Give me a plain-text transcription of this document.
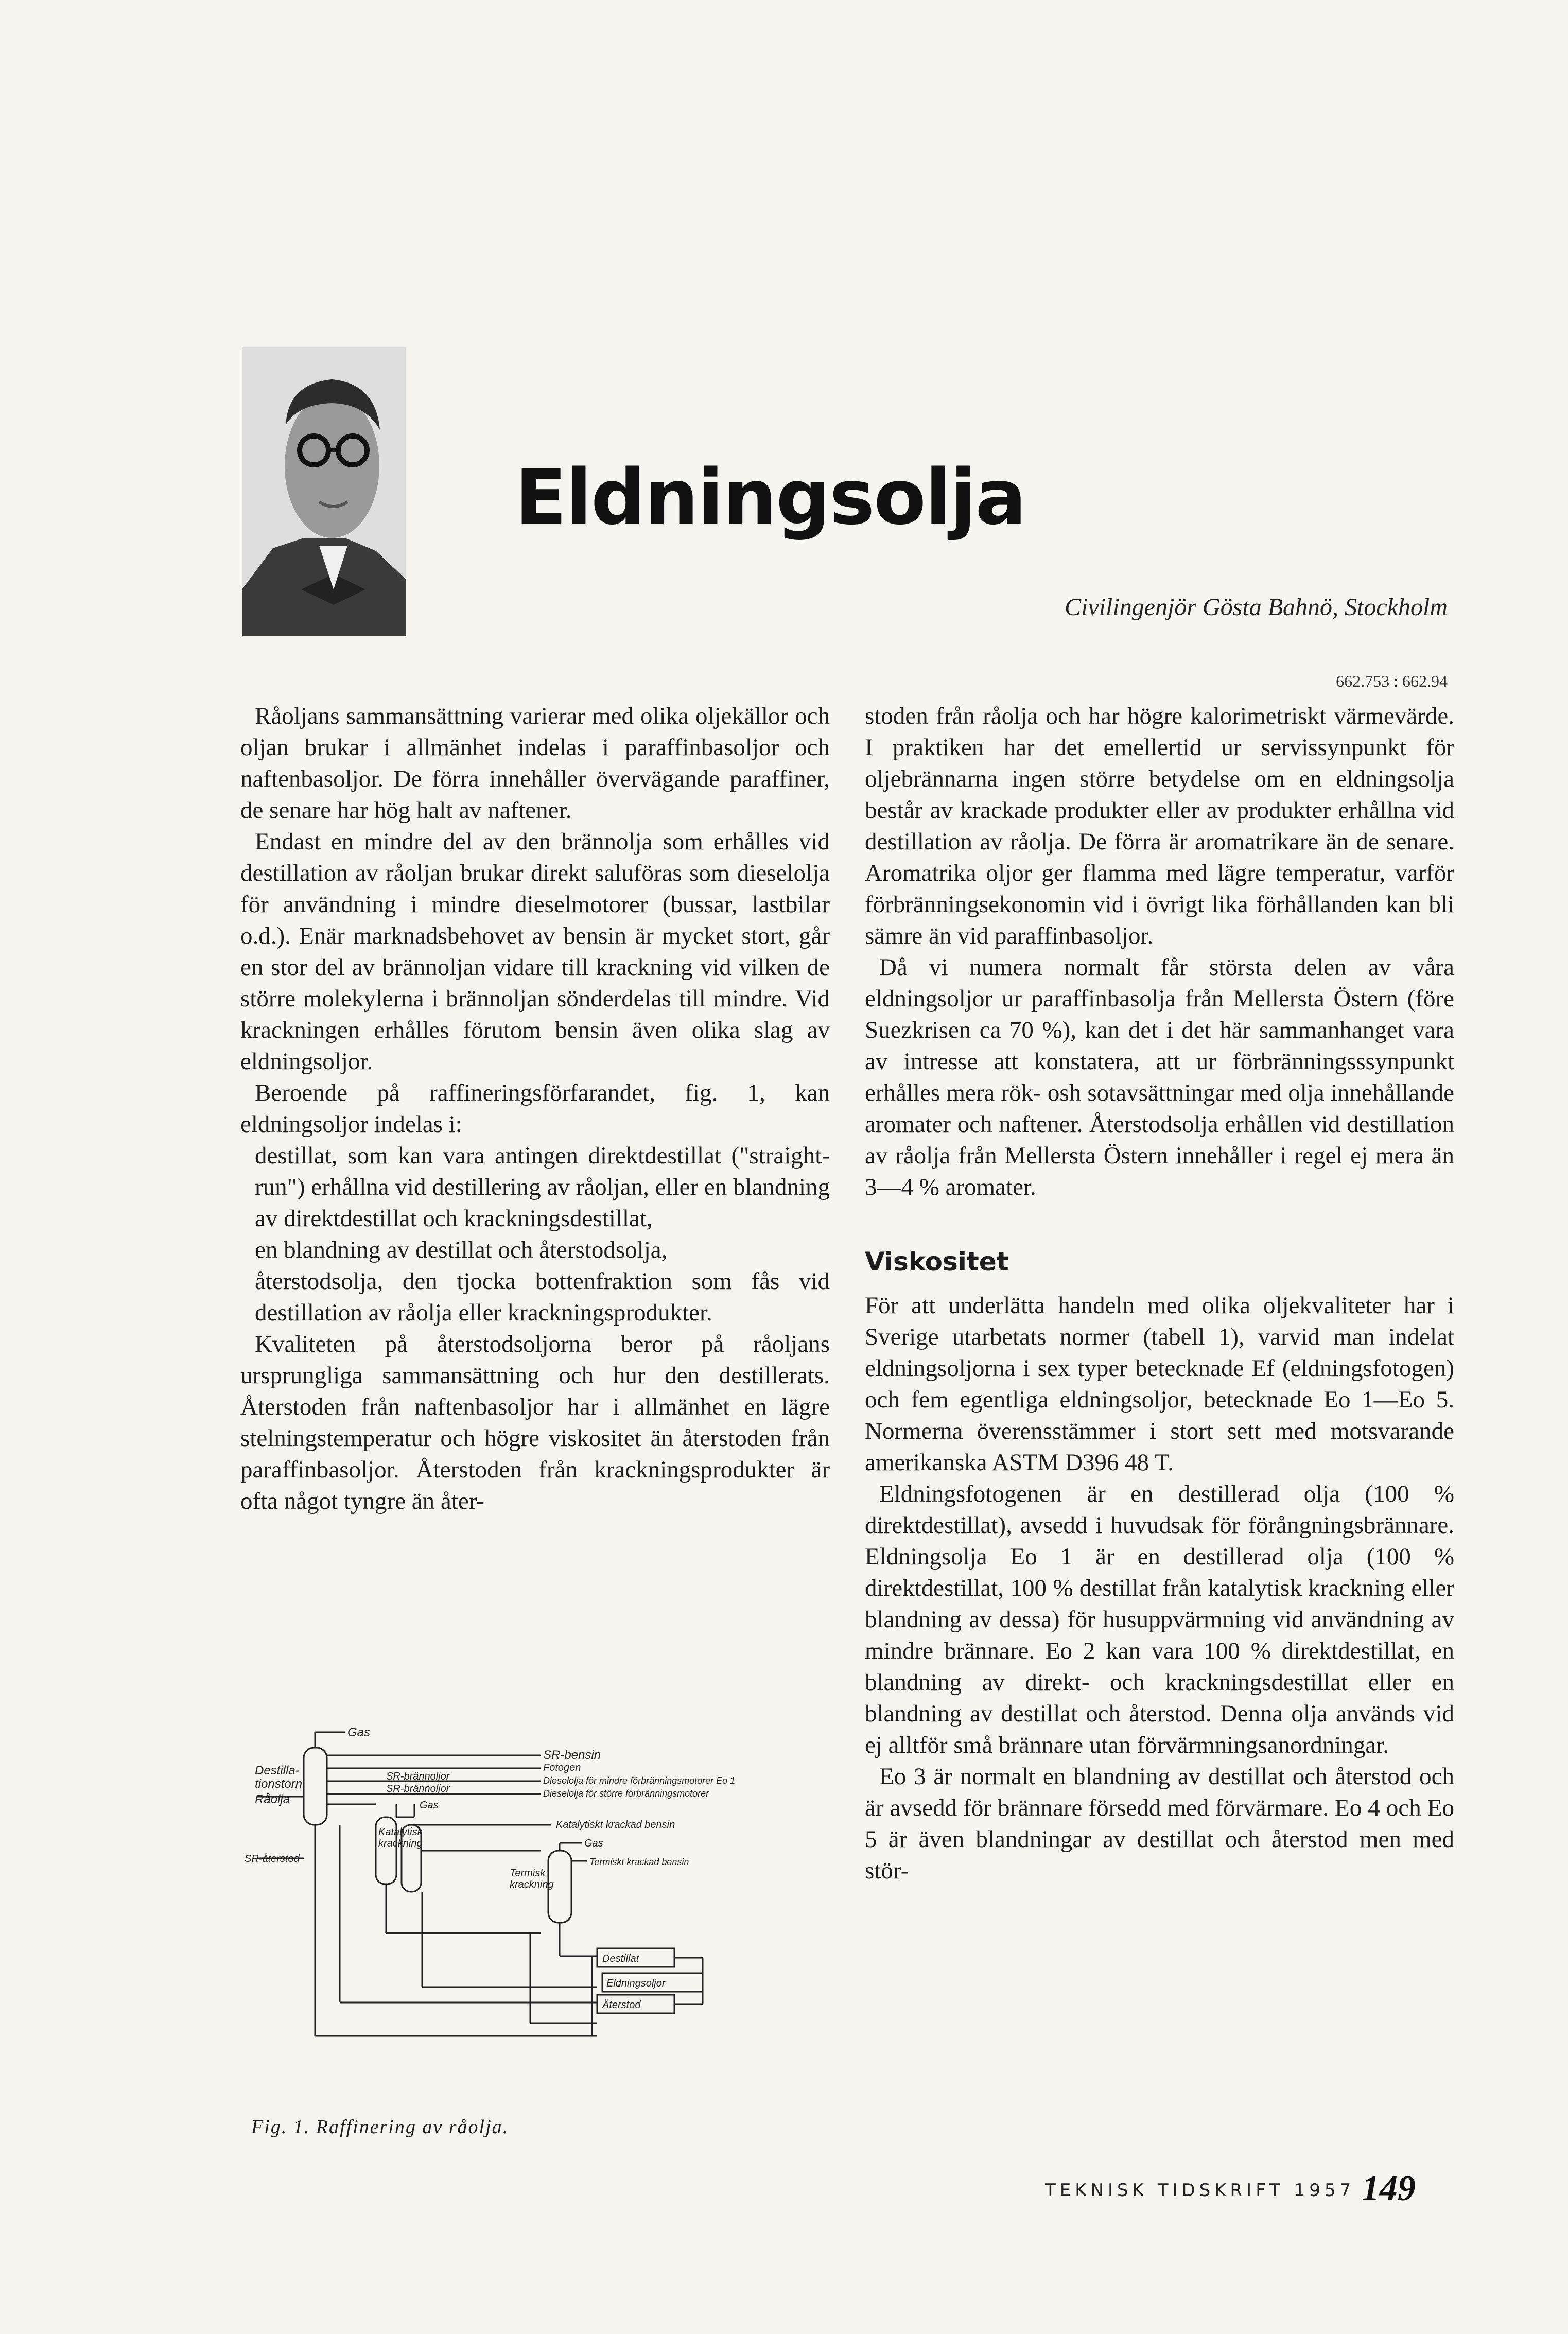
Eldningsolja
Civilingenjör Gösta Bahnö, Stockholm
662.753 : 662.94

Råoljans sammansättning varierar med olika oljekällor och oljan brukar i allmänhet indelas i paraffinbasoljor och naftenbasoljor. De förra innehåller övervägande paraffiner, de senare har hög halt av naftener.

Endast en mindre del av den brännolja som erhålles vid destillation av råoljan brukar direkt saluföras som dieselolja för användning i mindre dieselmotorer (bussar, lastbilar o.d.). Enär marknadsbehovet av bensin är mycket stort, går en stor del av brännoljan vidare till krackning vid vilken de större molekylerna i brännoljan sönderdelas till mindre. Vid krackningen erhålles förutom bensin även olika slag av eldningsoljor.

Beroende på raffineringsförfarandet, fig. 1, kan eldningsoljor indelas i:

destillat, som kan vara antingen direktdestillat ("straight-run") erhållna vid destillering av råoljan, eller en blandning av direktdestillat och krackningsdestillat,

en blandning av destillat och återstodsolja,

återstodsolja, den tjocka bottenfraktion som fås vid destillation av råolja eller krackningsprodukter.

Kvaliteten på återstodsoljorna beror på råoljans ursprungliga sammansättning och hur den destillerats. Återstoden från naftenbasoljor har i allmänhet en lägre stelningstemperatur och högre viskositet än återstoden från paraffinbasoljor. Återstoden från krackningsprodukter är ofta något tyngre än åter-

stoden från råolja och har högre kalorimetriskt värmevärde. I praktiken har det emellertid ur servissynpunkt för oljebrännarna ingen större betydelse om en eldningsolja består av krackade produkter eller av produkter erhållna vid destillation av råolja. De förra är aromatrikare än de senare. Aromatrika oljor ger flamma med lägre temperatur, varför förbränningsekonomin vid i övrigt lika förhållanden kan bli sämre än vid paraffinbasoljor.

Då vi numera normalt får största delen av våra eldningsoljor ur paraffinbasolja från Mellersta Östern (före Suezkrisen ca 70 %), kan det i det här sammanhanget vara av intresse att konstatera, att ur förbränningsssynpunkt erhålles mera rök- osh sotavsättningar med olja innehållande aromater och naftener. Återstodsolja erhållen vid destillation av råolja från Mellersta Östern innehåller i regel ej mera än 3—4 % aromater.

Viskositet

För att underlätta handeln med olika oljekvaliteter har i Sverige utarbetats normer (tabell 1), varvid man indelat eldningsoljorna i sex typer betecknade Ef (eldningsfotogen) och fem egentliga eldningsoljor, betecknade Eo 1—Eo 5. Normerna överensstämmer i stort sett med motsvarande amerikanska ASTM D396 48 T.

Eldningsfotogenen är en destillerad olja (100 % direktdestillat), avsedd i huvudsak för förångningsbrännare. Eldningsolja Eo 1 är en destillerad olja (100 % direktdestillat, 100 % destillat från katalytisk krackning eller blandning av dessa) för husuppvärmning vid användning av mindre brännare. Eo 2 kan vara 100 % direktdestillat, en blandning av direkt- och krackningsdestillat eller en blandning av destillat och återstod. Denna olja används vid ej alltför små brännare utan förvärmningsanordningar.

Eo 3 är normalt en blandning av destillat och återstod och är avsedd för brännare försedd med förvärmare. Eo 4 och Eo 5 är även blandningar av destillat och återstod men med stör-

Gas
Destilla-
tionstorn
Råolja
SR-bensin
Fotogen
SR-brännoljor
SR-brännoljor
Dieselolja för mindre förbränningsmotorer Eo 1
Dieselolja för större förbränningsmotorer
Gas
Katalytisk
krackning
Katalytiskt krackad bensin
Gas
SR-återstod
Termisk
krackning
Termiskt krackad bensin
Destillat
Eldningsoljor
Återstod
Fig. 1. Raffinering av råolja.
TEKNISK TIDSKRIFT 1957 149
